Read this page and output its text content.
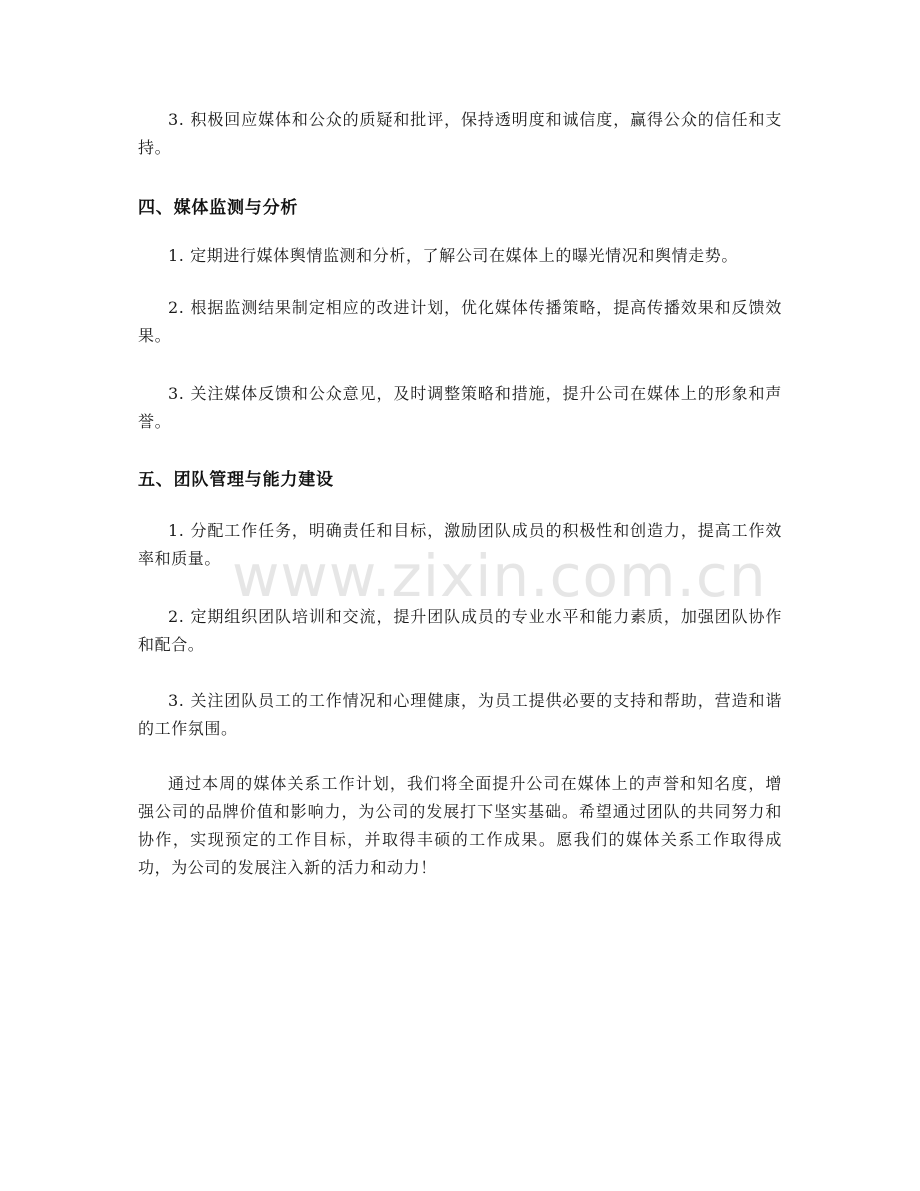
3. 积极回应媒体和公众的质疑和批评，保持透明度和诚信度，赢得公众的信任和支持。

四、媒体监测与分析

1. 定期进行媒体舆情监测和分析，了解公司在媒体上的曝光情况和舆情走势。

2. 根据监测结果制定相应的改进计划，优化媒体传播策略，提高传播效果和反馈效果。

3. 关注媒体反馈和公众意见，及时调整策略和措施，提升公司在媒体上的形象和声誉。

五、团队管理与能力建设

1. 分配工作任务，明确责任和目标，激励团队成员的积极性和创造力，提高工作效率和质量。

2. 定期组织团队培训和交流，提升团队成员的专业水平和能力素质，加强团队协作和配合。

3. 关注团队员工的工作情况和心理健康，为员工提供必要的支持和帮助，营造和谐的工作氛围。

通过本周的媒体关系工作计划，我们将全面提升公司在媒体上的声誉和知名度，增强公司的品牌价值和影响力，为公司的发展打下坚实基础。希望通过团队的共同努力和协作，实现预定的工作目标，并取得丰硕的工作成果。愿我们的媒体关系工作取得成功，为公司的发展注入新的活力和动力！

www.zixin.com.cn
